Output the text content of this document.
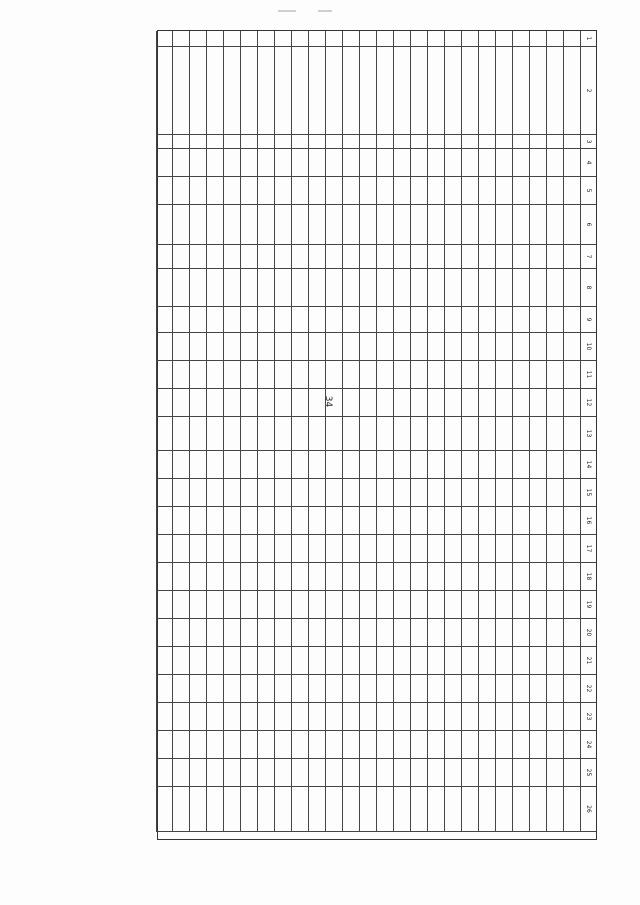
34
1
2
3
4
5
6
7
8
9
10
11
12
13
14
15
16
17
18
19
20
21
22
23
24
25
26
